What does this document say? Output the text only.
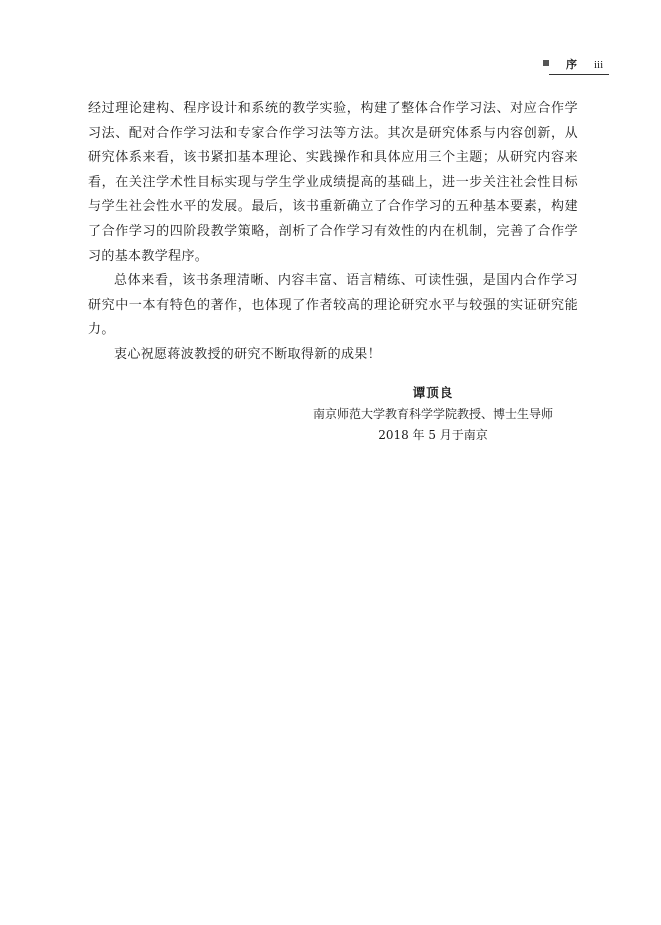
序 iii

经过理论建构、程序设计和系统的教学实验，构建了整体合作学习法、对应合作学习法、配对合作学习法和专家合作学习法等方法。其次是研究体系与内容创新，从研究体系来看，该书紧扣基本理论、实践操作和具体应用三个主题；从研究内容来看，在关注学术性目标实现与学生学业成绩提高的基础上，进一步关注社会性目标与学生社会性水平的发展。最后，该书重新确立了合作学习的五种基本要素，构建了合作学习的四阶段教学策略，剖析了合作学习有效性的内在机制，完善了合作学习的基本教学程序。

总体来看，该书条理清晰、内容丰富、语言精练、可读性强，是国内合作学习研究中一本有特色的著作，也体现了作者较高的理论研究水平与较强的实证研究能力。

衷心祝愿蒋波教授的研究不断取得新的成果！

谭顶良
南京师范大学教育科学学院教授、博士生导师
2018 年 5 月于南京
